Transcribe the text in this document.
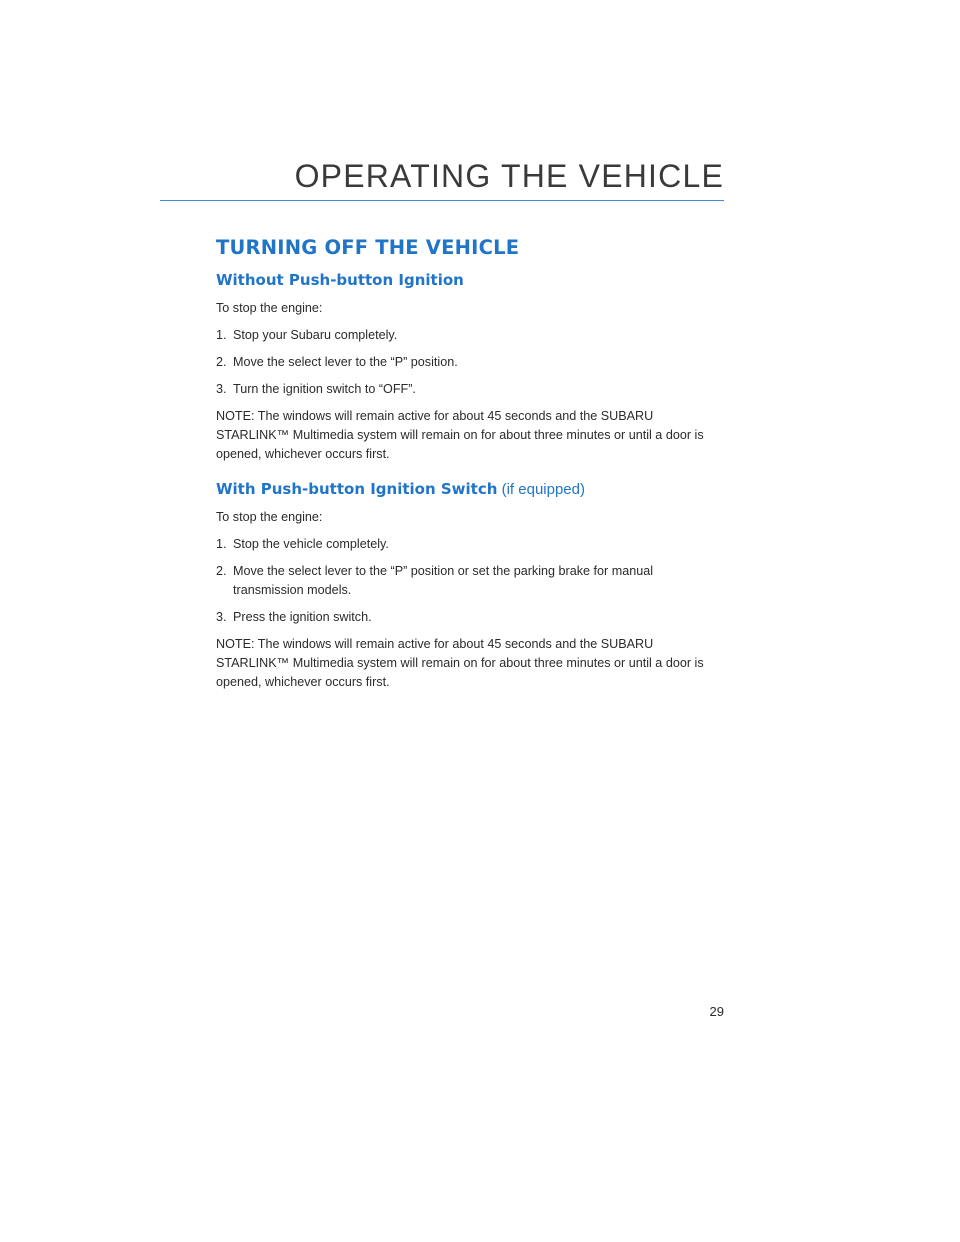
OPERATING THE VEHICLE
TURNING OFF THE VEHICLE
Without Push-button Ignition

To stop the engine:

1. Stop your Subaru completely.
2. Move the select lever to the “P” position.
3. Turn the ignition switch to “OFF”.

NOTE: The windows will remain active for about 45 seconds and the SUBARU STARLINK™ Multimedia system will remain on for about three minutes or until a door is opened, whichever occurs first.

With Push-button Ignition Switch (if equipped)

To stop the engine:

1. Stop the vehicle completely.
2. Move the select lever to the “P” position or set the parking brake for manual transmission models.
3. Press the ignition switch.

NOTE: The windows will remain active for about 45 seconds and the SUBARU STARLINK™ Multimedia system will remain on for about three minutes or until a door is opened, whichever occurs first.

29
